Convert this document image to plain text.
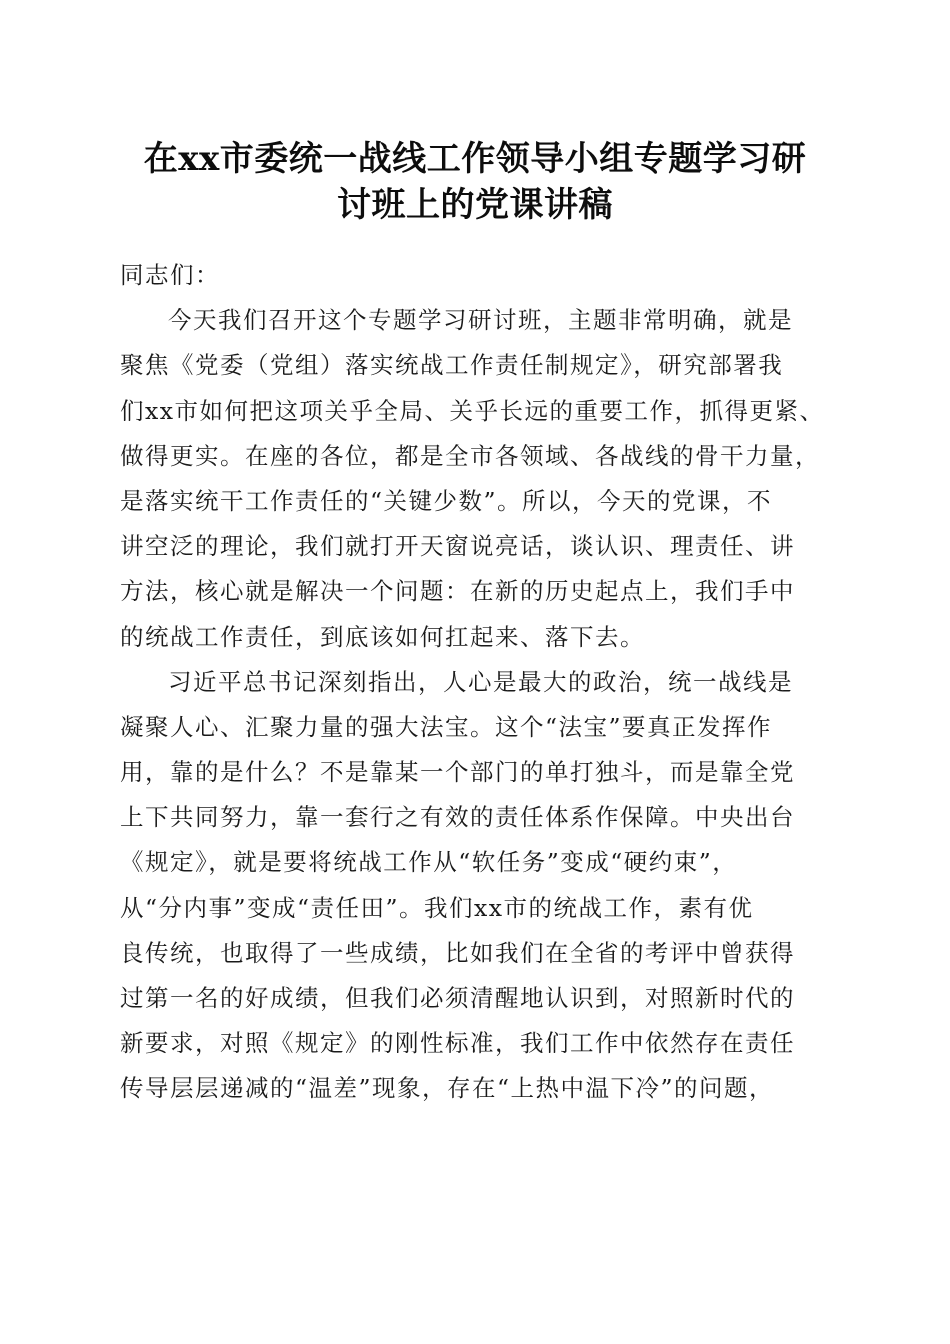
在xx市委统一战线工作领导小组专题学习研
讨班上的党课讲稿
同志们：
今天我们召开这个专题学习研讨班，主题非常明确，就是
聚焦《党委（党组）落实统战工作责任制规定》，研究部署我
们xx市如何把这项关乎全局、关乎长远的重要工作，抓得更紧、
做得更实。在座的各位，都是全市各领域、各战线的骨干力量，
是落实统干工作责任的“关键少数”。所以，今天的党课，不
讲空泛的理论，我们就打开天窗说亮话，谈认识、理责任、讲
方法，核心就是解决一个问题：在新的历史起点上，我们手中
的统战工作责任，到底该如何扛起来、落下去。
习近平总书记深刻指出，人心是最大的政治，统一战线是
凝聚人心、汇聚力量的强大法宝。这个“法宝”要真正发挥作
用，靠的是什么？不是靠某一个部门的单打独斗，而是靠全党
上下共同努力，靠一套行之有效的责任体系作保障。中央出台
《规定》，就是要将统战工作从“软任务”变成“硬约束”，
从“分内事”变成“责任田”。我们xx市的统战工作，素有优
良传统，也取得了一些成绩，比如我们在全省的考评中曾获得
过第一名的好成绩，但我们必须清醒地认识到，对照新时代的
新要求，对照《规定》的刚性标准，我们工作中依然存在责任
传导层层递减的“温差”现象，存在“上热中温下冷”的问题，
